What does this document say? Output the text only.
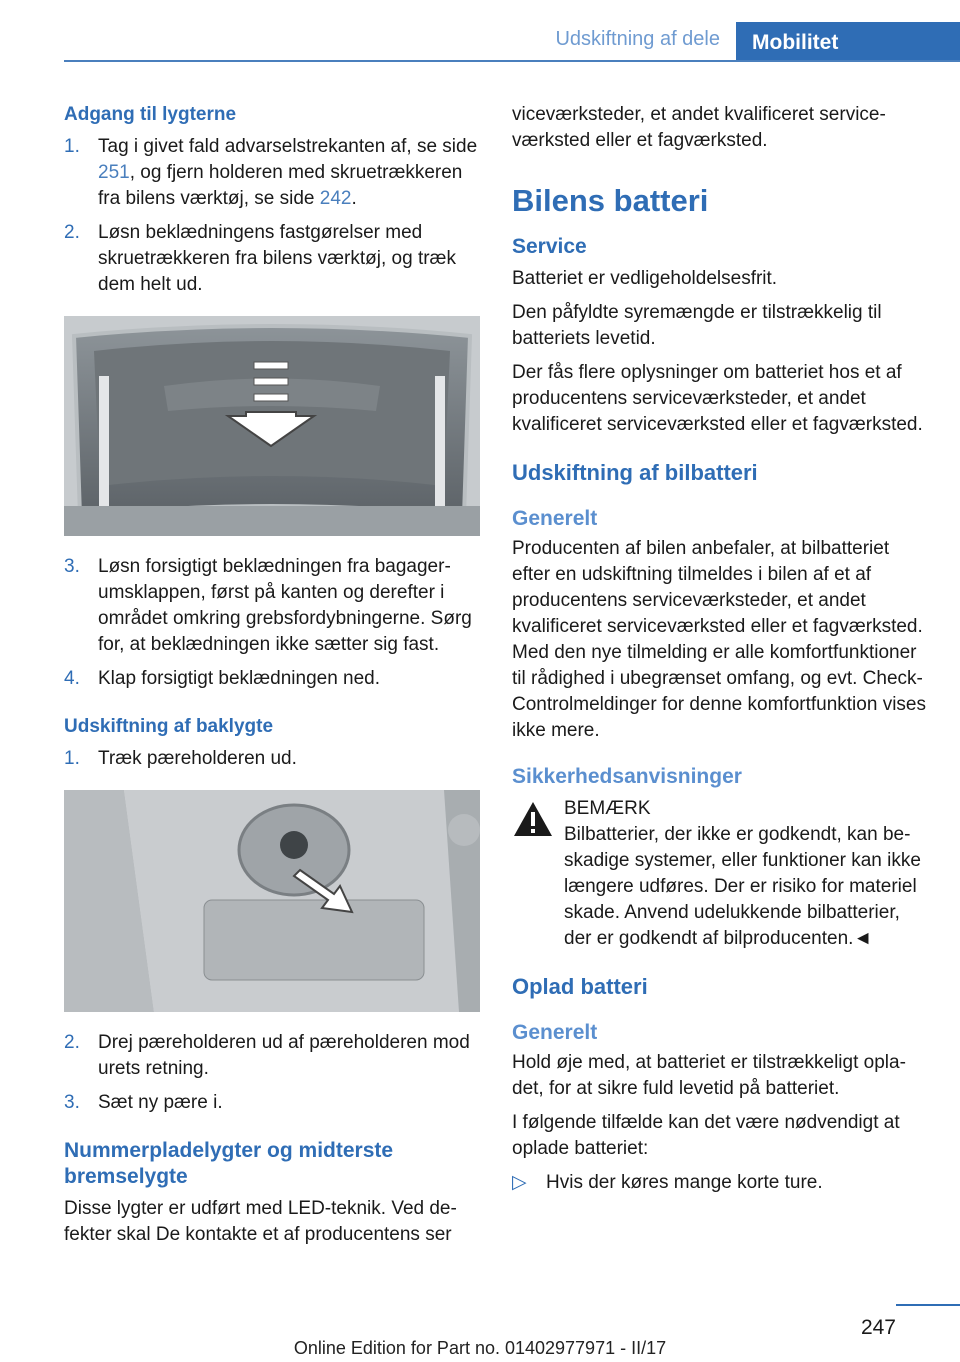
Udskiftning af dele	Mobilitet
Adgang til lygterne
1. Tag i givet fald advarselstrekanten af, se side 251, og fjern holderen med skruetrækkeren fra bilens værktøj, se side 242.
2. Løsn beklædningens fastgørelser med skruetrækkeren fra bilens værktøj, og træk dem helt ud.
3. Løsn forsigtigt beklædningen fra bagagerumsklappen, først på kanten og derefter i området omkring grebsfordybningerne. Sørg for, at beklædningen ikke sætter sig fast.
4. Klap forsigtigt beklædningen ned.
Udskiftning af baklygte
1. Træk pæreholderen ud.
2. Drej pæreholderen ud af pæreholderen mod urets retning.
3. Sæt ny pære i.
Nummerpladelygter og midterste bremselygte

Disse lygter er udført med LED-teknik. Ved defekter skal De kontakte et af producentens ser

viceværksteder, et andet kvalificeret serviceværksted eller et fagværksted.

Bilens batteri
Service

Batteriet er vedligeholdelsesfrit.

Den påfyldte syremængde er tilstrækkelig til batteriets levetid.

Der fås flere oplysninger om batteriet hos et af producentens serviceværksteder, et andet kvalificeret serviceværksted eller et fagværksted.

Udskiftning af bilbatteri
Generelt

Producenten af bilen anbefaler, at bilbatteriet efter en udskiftning tilmeldes i bilen af et af producentens serviceværksteder, et andet kvalificeret serviceværksted eller et fagværksted. Med den nye tilmelding er alle komfortfunktioner til rådighed i ubegrænset omfang, og evt. Check-Controlmeldinger for denne komfortfunktion vises ikke mere.

Sikkerhedsanvisninger
BEMÆRK
Bilbatterier, der ikke er godkendt, kan beskadige systemer, eller funktioner kan ikke længere udføres. Der er risiko for materiel skade. Anvend udelukkende bilbatterier, der er godkendt af bilproducenten.◄
Oplad batteri
Generelt

Hold øje med, at batteriet er tilstrækkeligt opladet, for at sikre fuld levetid på batteriet.

I følgende tilfælde kan det være nødvendigt at oplade batteriet:

▷ Hvis der køres mange korte ture.
247
Online Edition for Part no. 01402977971 - II/17
